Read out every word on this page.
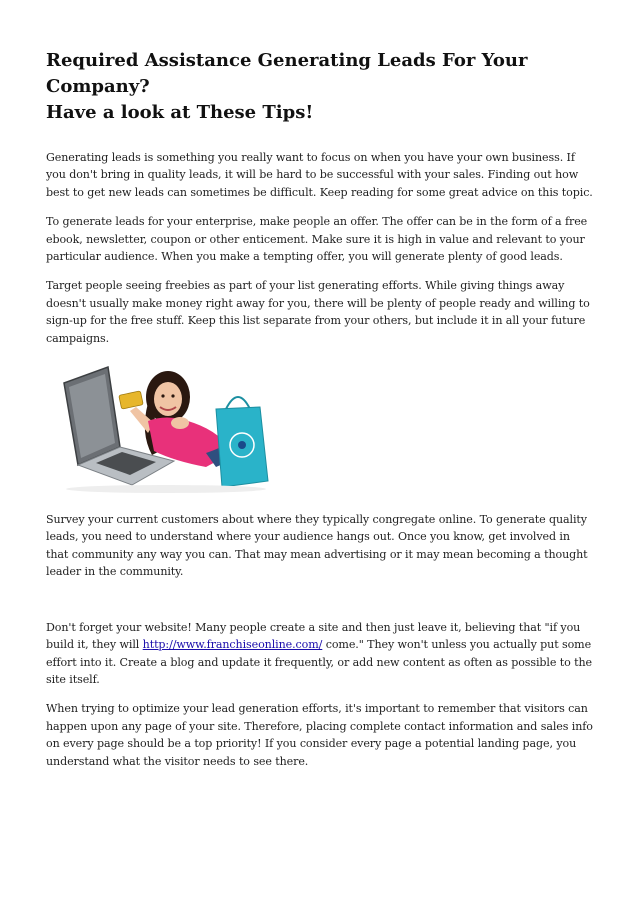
Required Assistance Generating Leads For Your Company?
Have a look at These Tips!

Generating leads is something you really want to focus on when you have your own business. If you don't bring in quality leads, it will be hard to be successful with your sales. Finding out how best to get new leads can sometimes be difficult. Keep reading for some great advice on this topic.

To generate leads for your enterprise, make people an offer. The offer can be in the form of a free ebook, newsletter, coupon or other enticement. Make sure it is high in value and relevant to your particular audience. When you make a tempting offer, you will generate plenty of good leads.

Target people seeing freebies as part of your list generating efforts. While giving things away doesn't usually make money right away for you, there will be plenty of people ready and willing to sign-up for the free stuff. Keep this list separate from your others, but include it in all your future campaigns.

Survey your current customers about where they typically congregate online. To generate quality leads, you need to understand where your audience hangs out. Once you know, get involved in that community any way you can. That may mean advertising or it may mean becoming a thought leader in the community.

Don't forget your website! Many people create a site and then just leave it, believing that "if you build it, they will http://www.franchiseonline.com/ come." They won't unless you actually put some effort into it. Create a blog and update it frequently, or add new content as often as possible to the site itself.

When trying to optimize your lead generation efforts, it's important to remember that visitors can happen upon any page of your site. Therefore, placing complete contact information and sales info on every page should be a top priority! If you consider every page a potential landing page, you understand what the visitor needs to see there.
